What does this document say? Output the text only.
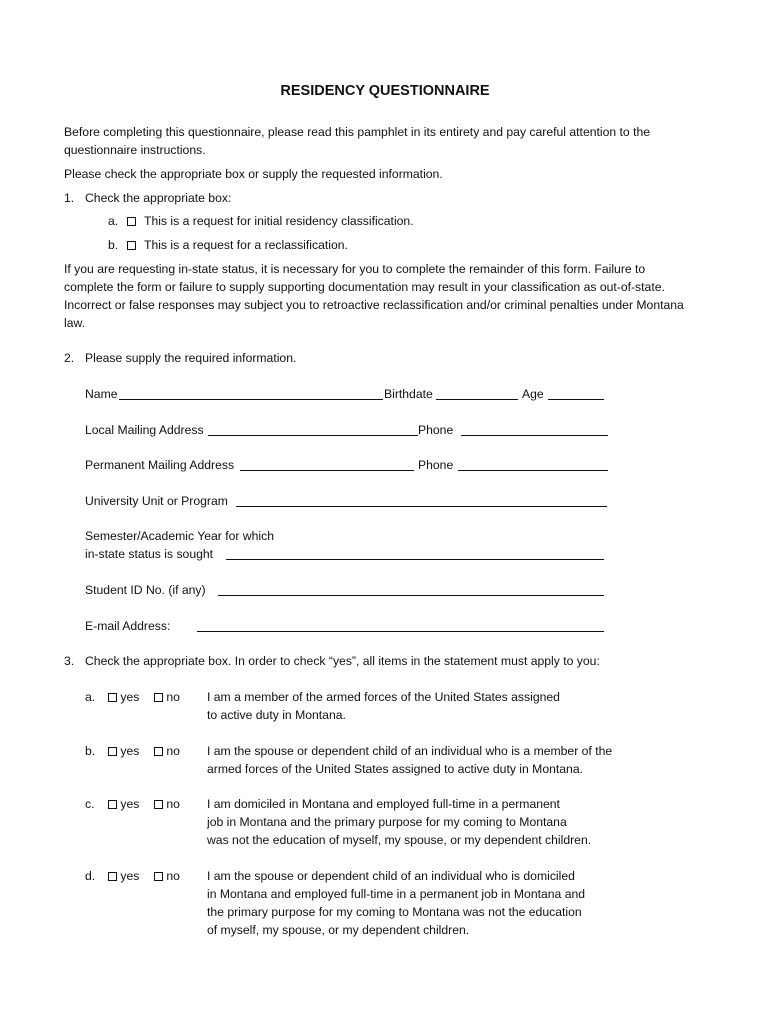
RESIDENCY QUESTIONNAIRE
Before completing this questionnaire, please read this pamphlet in its entirety and pay careful attention to the
questionnaire instructions.
Please check the appropriate box or supply the requested information.
1. Check the appropriate box:
a. This is a request for initial residency classification.
b. This is a request for a reclassification.
If you are requesting in-state status, it is necessary for you to complete the remainder of this form. Failure to
complete the form or failure to supply supporting documentation may result in your classification as out-of-state.
Incorrect or false responses may subject you to retroactive reclassification and/or criminal penalties under Montana
law.
2. Please supply the required information.
Name	Birthdate	Age
Local Mailing Address	Phone
Permanent Mailing Address	Phone
University Unit or Program
Semester/Academic Year for which
in-state status is sought
Student ID No. (if any)
E-mail Address:
3. Check the appropriate box. In order to check “yes”, all items in the statement must apply to you:
a.	yes	no I am a member of the armed forces of the United States assigned
to active duty in Montana.
b.	yes	no I am the spouse or dependent child of an individual who is a member of the
armed forces of the United States assigned to active duty in Montana.
c.	yes	no I am domiciled in Montana and employed full-time in a permanent
job in Montana and the primary purpose for my coming to Montana
was not the education of myself, my spouse, or my dependent children.
d.	yes	no I am the spouse or dependent child of an individual who is domiciled
in Montana and employed full-time in a permanent job in Montana and
the primary purpose for my coming to Montana was not the education
of myself, my spouse, or my dependent children.
